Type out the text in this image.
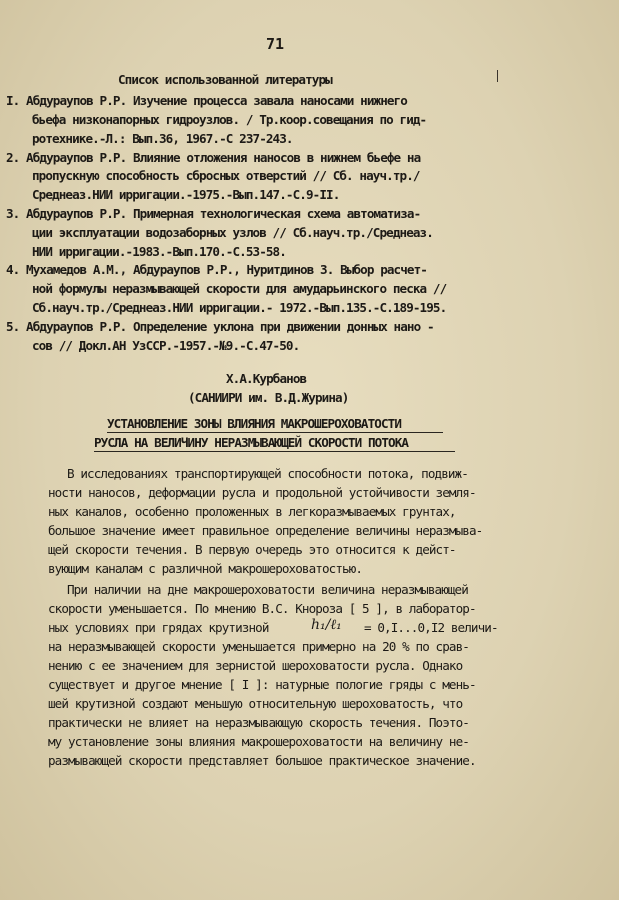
71
Список использованной литературы
I. Абдураупов Р.Р. Изучение процесса завала наносами нижнего
бьефа низконапорных гидроузлов. / Тр.коор.совещания по гид-
ротехнике.-Л.: Вып.36, 1967.-С 237-243.
2. Абдураупов Р.Р. Влияние отложения наносов в нижнем бьефе на
пропускную способность сбросных отверстий // Сб. науч.тр./
Среднеаз.НИИ ирригации.-1975.-Вып.147.-С.9-II.
3. Абдураупов Р.Р. Примерная технологическая схема автоматиза-
ции эксплуатации водозаборных узлов // Сб.науч.тр./Среднеаз.
НИИ ирригации.-1983.-Вып.170.-С.53-58.
4. Мухамедов А.М., Абдураупов Р.Р., Нуритдинов З. Выбор расчет-
ной формулы неразмывающей скорости для амударьинского песка //
Сб.науч.тр./Среднеаз.НИИ ирригации.- 1972.-Вып.135.-С.189-195.
5. Абдураупов Р.Р. Определение уклона при движении донных нано -
сов // Докл.АН УзССР.-1957.-№9.-С.47-50.
Х.А.Курбанов
(САНИИРИ им. В.Д.Журина)
УСТАНОВЛЕНИЕ ЗОНЫ ВЛИЯНИЯ МАКРОШЕРОХОВАТОСТИ
РУСЛА НА ВЕЛИЧИНУ НЕРАЗМЫВАЮЩЕЙ СКОРОСТИ ПОТОКА
В исследованиях транспортирующей способности потока, подвиж-
ности наносов, деформации русла и продольной устойчивости земля-
ных каналов, особенно проложенных в легкоразмываемых грунтах,
большое значение имеет правильное определение величины неразмыва-
щей скорости течения. В первую очередь это относится к дейст-
вующим каналам с различной макрошероховатостью.
При наличии на дне макрошероховатости величина неразмывающей
скорости уменьшается. По мнению В.С. Кнороза [ 5 ], в лаборатор-
ных условиях при грядах крутизной	h₁/ℓ₁ = 0,I...0,I2 величи-
на неразмывающей скорости уменьшается примерно на 20 % по срав-
нению с ее значением для зернистой шероховатости русла. Однако
существует и другое мнение [ I ]: натурные пологие гряды с мень-
шей крутизной создают меньшую относительную шероховатость, что
практически не влияет на неразмывающую скорость течения. Поэто-
му установление зоны влияния макрошероховатости на величину не-
размывающей скорости представляет большое практическое значение.
